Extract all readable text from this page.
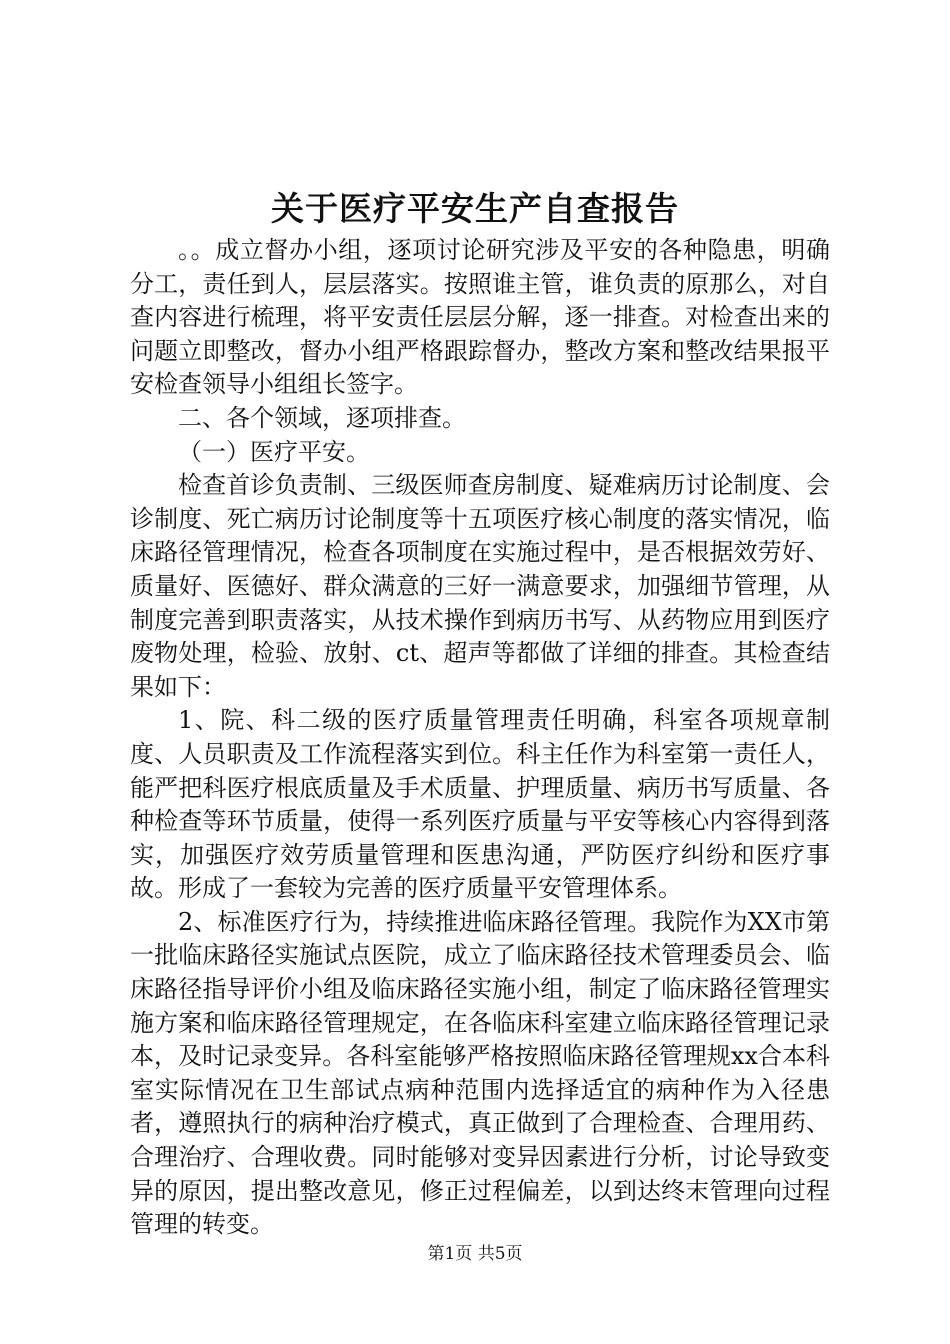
关于医疗平安生产自查报告

。。成立督办小组，逐项讨论研究涉及平安的各种隐患，明确分工，责任到人，层层落实。按照谁主管，谁负责的原那么，对自查内容进行梳理，将平安责任层层分解，逐一排查。对检查出来的问题立即整改，督办小组严格跟踪督办，整改方案和整改结果报平安检查领导小组组长签字。

二、各个领域，逐项排查。

（一）医疗平安。

检查首诊负责制、三级医师查房制度、疑难病历讨论制度、会诊制度、死亡病历讨论制度等十五项医疗核心制度的落实情况，临床路径管理情况，检查各项制度在实施过程中，是否根据效劳好、质量好、医德好、群众满意的三好一满意要求，加强细节管理，从制度完善到职责落实，从技术操作到病历书写、从药物应用到医疗废物处理，检验、放射、ct、超声等都做了详细的排查。其检查结果如下：

1、院、科二级的医疗质量管理责任明确，科室各项规章制度、人员职责及工作流程落实到位。科主任作为科室第一责任人，能严把科医疗根底质量及手术质量、护理质量、病历书写质量、各种检查等环节质量，使得一系列医疗质量与平安等核心内容得到落实，加强医疗效劳质量管理和医患沟通，严防医疗纠纷和医疗事故。形成了一套较为完善的医疗质量平安管理体系。

2、标准医疗行为，持续推进临床路径管理。我院作为XX市第一批临床路径实施试点医院，成立了临床路径技术管理委员会、临床路径指导评价小组及临床路径实施小组，制定了临床路径管理实施方案和临床路径管理规定，在各临床科室建立临床路径管理记录本，及时记录变异。各科室能够严格按照临床路径管理规xx合本科室实际情况在卫生部试点病种范围内选择适宜的病种作为入径患者，遵照执行的病种治疗模式，真正做到了合理检查、合理用药、合理治疗、合理收费。同时能够对变异因素进行分析，讨论导致变异的原因，提出整改意见，修正过程偏差，以到达终末管理向过程管理的转变。

第1页 共5页
